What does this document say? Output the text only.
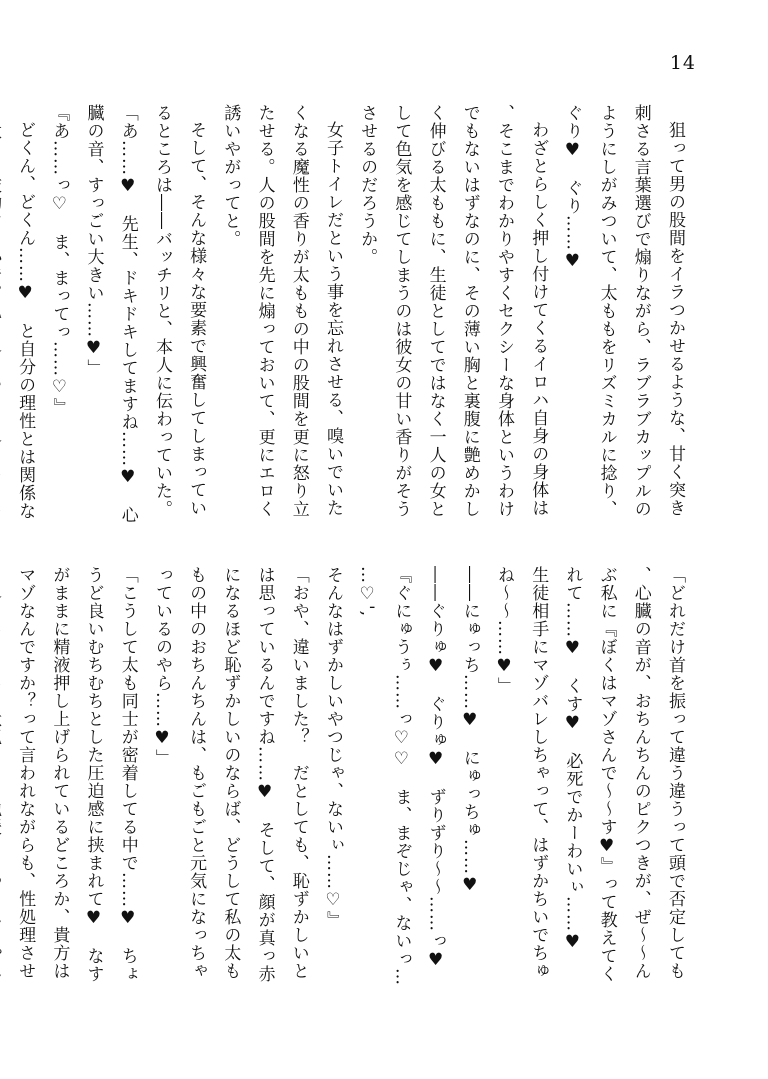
14

狙って男の股間をイラつかせるような、甘く突き刺さる言葉選びで煽りながら、ラブラブカップルのようにしがみついて、太ももをリズミカルに捻り、ぐり♥　ぐり……♥

わざとらしく押し付けてくるイロハ自身の身体は、そこまでわかりやすくセクシーな身体というわけでもないはずなのに、その薄い胸と裏腹に艶めかしく伸びる太ももに、生徒としてではなく一人の女として色気を感じてしまうのは彼女の甘い香りがそうさせるのだろうか。

女子トイレだという事を忘れさせる、嗅いでいたくなる魔性の香りが太ももの中の股間を更に怒り立たせる。人の股間を先に煽っておいて、更にエロく誘いやがってと。

そして、そんな様々な要素で興奮してしまっているところは――バッチリと、本人に伝わっていた。

「あ……♥　先生、ドキドキしてますね……♥　心臓の音、すっごい大きい……♥」

『あ……っ♡　ま、まってっ……♡』

どくん、どくん……♥　と自分の理性とは関係な

「どれだけ首を振って違う違うって頭で否定しても、心臓の音が、おちんちんのピクつきが、ぜ～～んぶ私に『ぼくはマゾさんで～～す♥』って教えてくれて……♥　くす♥　必死でかーわいぃ……♥　生徒相手にマゾバレしちゃって、はずかちいでちゅね～～……♥」

――にゅっち……♥　にゅっちゅ……♥

――ぐりゅ♥　ぐりゅ♥　ずりずり～～……っ♥

『ぐにゅうぅ……っ♡♡　ま、まぞじゃ、ないっ……♡',

そんなはずかしいやつじゃ、ないぃ……♡』

「おや、違いました？　だとしても、恥ずかしいとは思っているんですね……♥　そして、顔が真っ赤になるほど恥ずかしいのならば、どうして私の太ももの中のおちんちんは、もごもごと元気になっちゃっているのやら……♥」

「こうして太も同士が密着してる中で……♥　ちょうど良いむちむちとした圧迫感に挟まれて♥　なすがままに精液押し上げられているどころか、貴方はマゾなんですか？って言われながらも、性処理させ　
